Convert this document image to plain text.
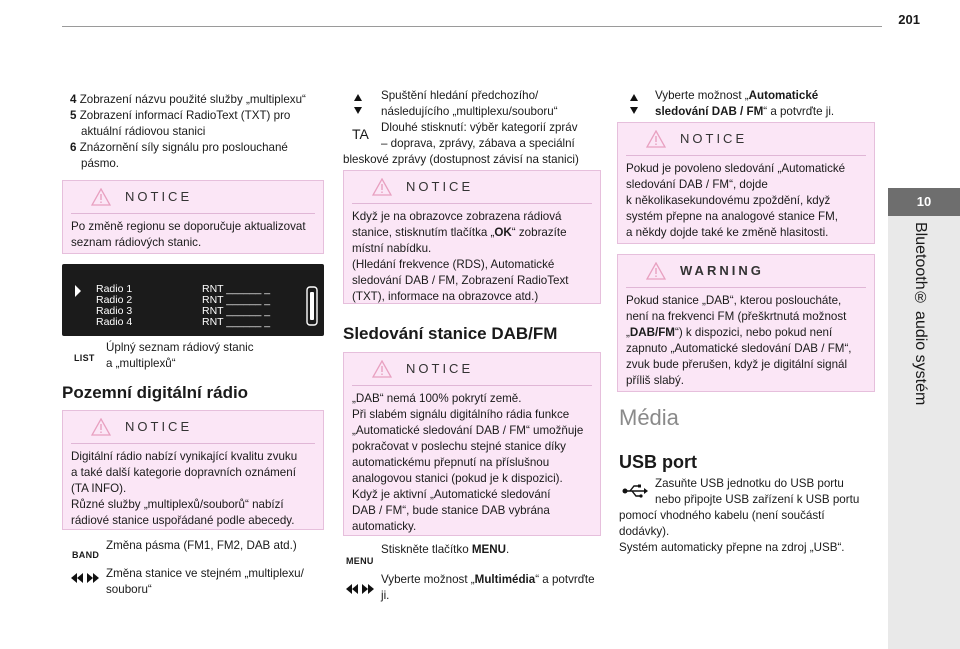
201
10
Bluetooth® audio systém

4 Zobrazení názvu použité služby „multiplexu“

5 Zobrazení informací RadioText (TXT) pro

aktuální rádiovou stanici

6 Znázornění síly signálu pro poslouchané

pásmo.

NOTICE
Po změně regionu se doporučuje aktualizovat
seznam rádiových stanic.
Radio 1
Radio 2
Radio 3
Radio 4
RNT ______ _
RNT ______ _
RNT ______ _
RNT ______ _
LIST
Úplný seznam rádiový stanic
a „multiplexů“
Pozemní digitální rádio
NOTICE
Digitální rádio nabízí vynikající kvalitu zvuku
a také další kategorie dopravních oznámení
(TA INFO).
Různé služby „multiplexů/souborů“ nabízí
rádiové stanice uspořádané podle abecedy.
BAND
Změna pásma (FM1, FM2, DAB atd.)
Změna stanice ve stejném „multiplexu/
souboru“
Spuštění hledání předchozího/
následujícího „multiplexu/souboru“
TA Dlouhé stisknutí: výběr kategorií zpráv
– doprava, zprávy, zábava a speciální
bleskové zprávy (dostupnost závisí na stanici)
NOTICE
Když je na obrazovce zobrazena rádiová
stanice, stisknutím tlačítka „OK“ zobrazíte
místní nabídku.
(Hledání frekvence (RDS), Automatické
sledování DAB / FM, Zobrazení RadioText
(TXT), informace na obrazovce atd.)
Sledování stanice DAB/FM
NOTICE
„DAB“ nemá 100% pokrytí země.
Při slabém signálu digitálního rádia funkce
„Automatické sledování DAB / FM“ umožňuje
pokračovat v poslechu stejné stanice díky
automatickému přepnutí na příslušnou
analogovou stanici (pokud je k dispozici).
Když je aktivní „Automatické sledování
DAB / FM“, bude stanice DAB vybrána
automaticky.
MENU
Stiskněte tlačítko MENU.
Vyberte možnost „Multimédia“ a potvrďte
ji.
Vyberte možnost „Automatické
sledování DAB / FM“ a potvrďte ji.
NOTICE
Pokud je povoleno sledování „Automatické
sledování DAB / FM“, dojde
k několikasekundovému zpoždění, když
systém přepne na analogové stanice FM,
a někdy dojde také ke změně hlasitosti.
WARNING
Pokud stanice „DAB“, kterou posloucháte,
není na frekvenci FM (přeškrtnutá možnost
„DAB/FM“) k dispozici, nebo pokud není
zapnuto „Automatické sledování DAB / FM“,
zvuk bude přerušen, když je digitální signál
příliš slabý.
Média
USB port
Zasuňte USB jednotku do USB portu
nebo připojte USB zařízení k USB portu
pomocí vhodného kabelu (není součástí
dodávky).
Systém automaticky přepne na zdroj „USB“.
